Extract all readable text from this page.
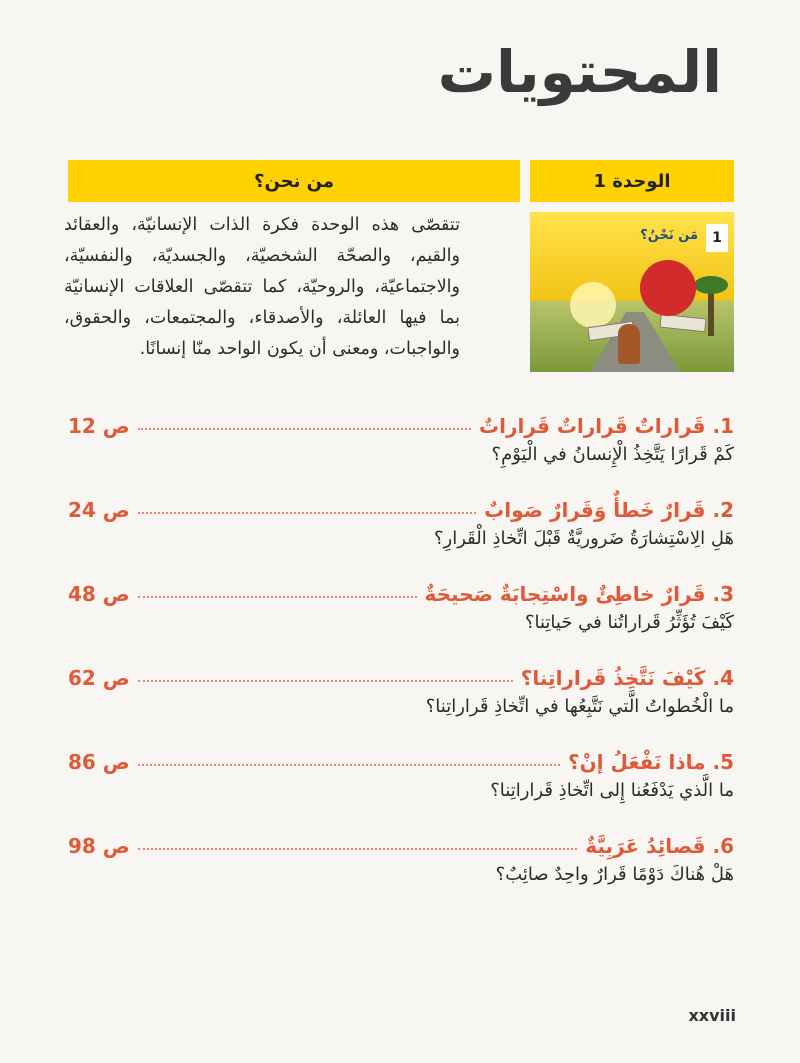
المحتويات
الوحدة 1
من نحن؟
1
مَن نَحْنُ؟

تتقصّى هذه الوحدة فكرة الذات الإنسانيّة، والعقائد والقيم، والصحّة الشخصيّة، والجسديّة، والنفسيّة، والاجتماعيّة، والروحيّة، كما تتقصّى العلاقات الإنسانيّة بما فيها العائلة، والأصدقاء، والمجتمعات، والحقوق، والواجبات، ومعنى أن يكون الواحد منّا إنسانًا.

1. قَراراتٌ قَراراتٌ قَراراتٌ
ص 12
كَمْ قَرارًا يَتَّخِذُ الْإِنسانُ في الْيَوْمِ؟
2. قَرارٌ خَطأٌ وَقَرارٌ صَوابٌ
ص 24
هَلِ الِاسْتِشارَةُ ضَروريَّةٌ قَبْلَ اتِّخاذِ الْقَرارِ؟
3. قَرارٌ خاطِئٌ واسْتِجابَةٌ صَحيحَةٌ
ص 48
كَيْفَ تُؤَثِّرُ قَراراتُنا في حَياتِنا؟
4. كَيْفَ نَتَّخِذُ قَراراتِنا؟
ص 62
ما الْخُطواتُ الَّتي نَتَّبِعُها في اتِّخاذِ قَراراتِنا؟
5. ماذا نَفْعَلُ إنْ؟
ص 86
ما الَّذي يَدْفَعُنا إِلى اتِّخاذِ قَراراتِنا؟
6. قَصائِدُ عَرَبِيَّةٌ
ص 98
هَلْ هُناكَ دَوْمًا قَرارٌ واحِدٌ صائِبٌ؟
xxviii
